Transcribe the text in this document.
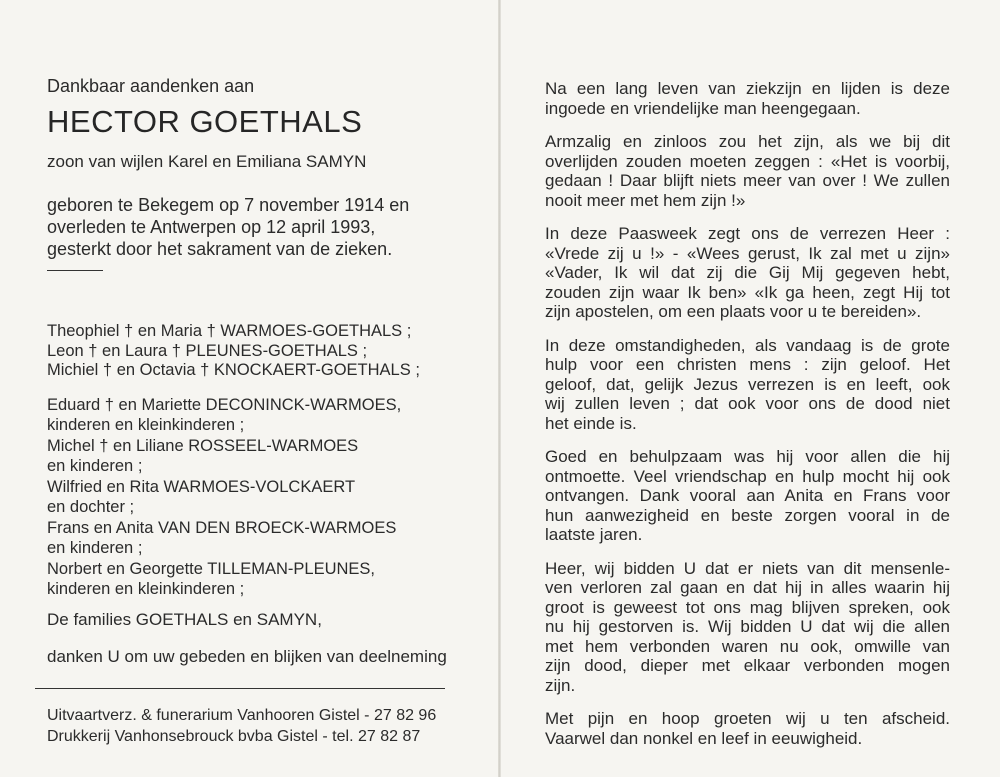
Dankbaar aandenken aan
HECTOR GOETHALS
zoon van wijlen Karel en Emiliana SAMYN
geboren te Bekegem op 7 november 1914 en
overleden te Antwerpen op 12 april 1993,
gesterkt door het sakrament van de zieken.
Theophiel † en Maria † WARMOES-GOETHALS ;
Leon † en Laura † PLEUNES-GOETHALS ;
Michiel † en Octavia † KNOCKAERT-GOETHALS ;
Eduard † en Mariette DECONINCK-WARMOES,
kinderen en kleinkinderen ;
Michel † en Liliane ROSSEEL-WARMOES
en kinderen ;
Wilfried en Rita WARMOES-VOLCKAERT
en dochter ;
Frans en Anita VAN DEN BROECK-WARMOES
en kinderen ;
Norbert en Georgette TILLEMAN-PLEUNES,
kinderen en kleinkinderen ;
De families GOETHALS en SAMYN,
danken U om uw gebeden en blijken van deelneming
Uitvaartverz. & funerarium Vanhooren Gistel - 27 82 96
Drukkerij Vanhonsebrouck bvba Gistel - tel. 27 82 87
Na een lang leven van ziekzijn en lijden is deze
ingoede en vriendelijke man heengegaan.
Armzalig en zinloos zou het zijn, als we bij dit
overlijden zouden moeten zeggen : «Het is voorbij,
gedaan ! Daar blijft niets meer van over ! We zullen
nooit meer met hem zijn !»
In deze Paasweek zegt ons de verrezen Heer :
«Vrede zij u !» - «Wees gerust, Ik zal met u zijn»
«Vader, Ik wil dat zij die Gij Mij gegeven hebt,
zouden zijn waar Ik ben» «Ik ga heen, zegt Hij tot
zijn apostelen, om een plaats voor u te bereiden».
In deze omstandigheden, als vandaag is de grote
hulp voor een christen mens : zijn geloof. Het
geloof, dat, gelijk Jezus verrezen is en leeft, ook
wij zullen leven ; dat ook voor ons de dood niet
het einde is.
Goed en behulpzaam was hij voor allen die hij
ontmoette. Veel vriendschap en hulp mocht hij ook
ontvangen. Dank vooral aan Anita en Frans voor
hun aanwezigheid en beste zorgen vooral in de
laatste jaren.
Heer, wij bidden U dat er niets van dit mensenle-
ven verloren zal gaan en dat hij in alles waarin hij
groot is geweest tot ons mag blijven spreken, ook
nu hij gestorven is. Wij bidden U dat wij die allen
met hem verbonden waren nu ook, omwille van
zijn dood, dieper met elkaar verbonden mogen
zijn.
Met pijn en hoop groeten wij u ten afscheid.
Vaarwel dan nonkel en leef in eeuwigheid.
